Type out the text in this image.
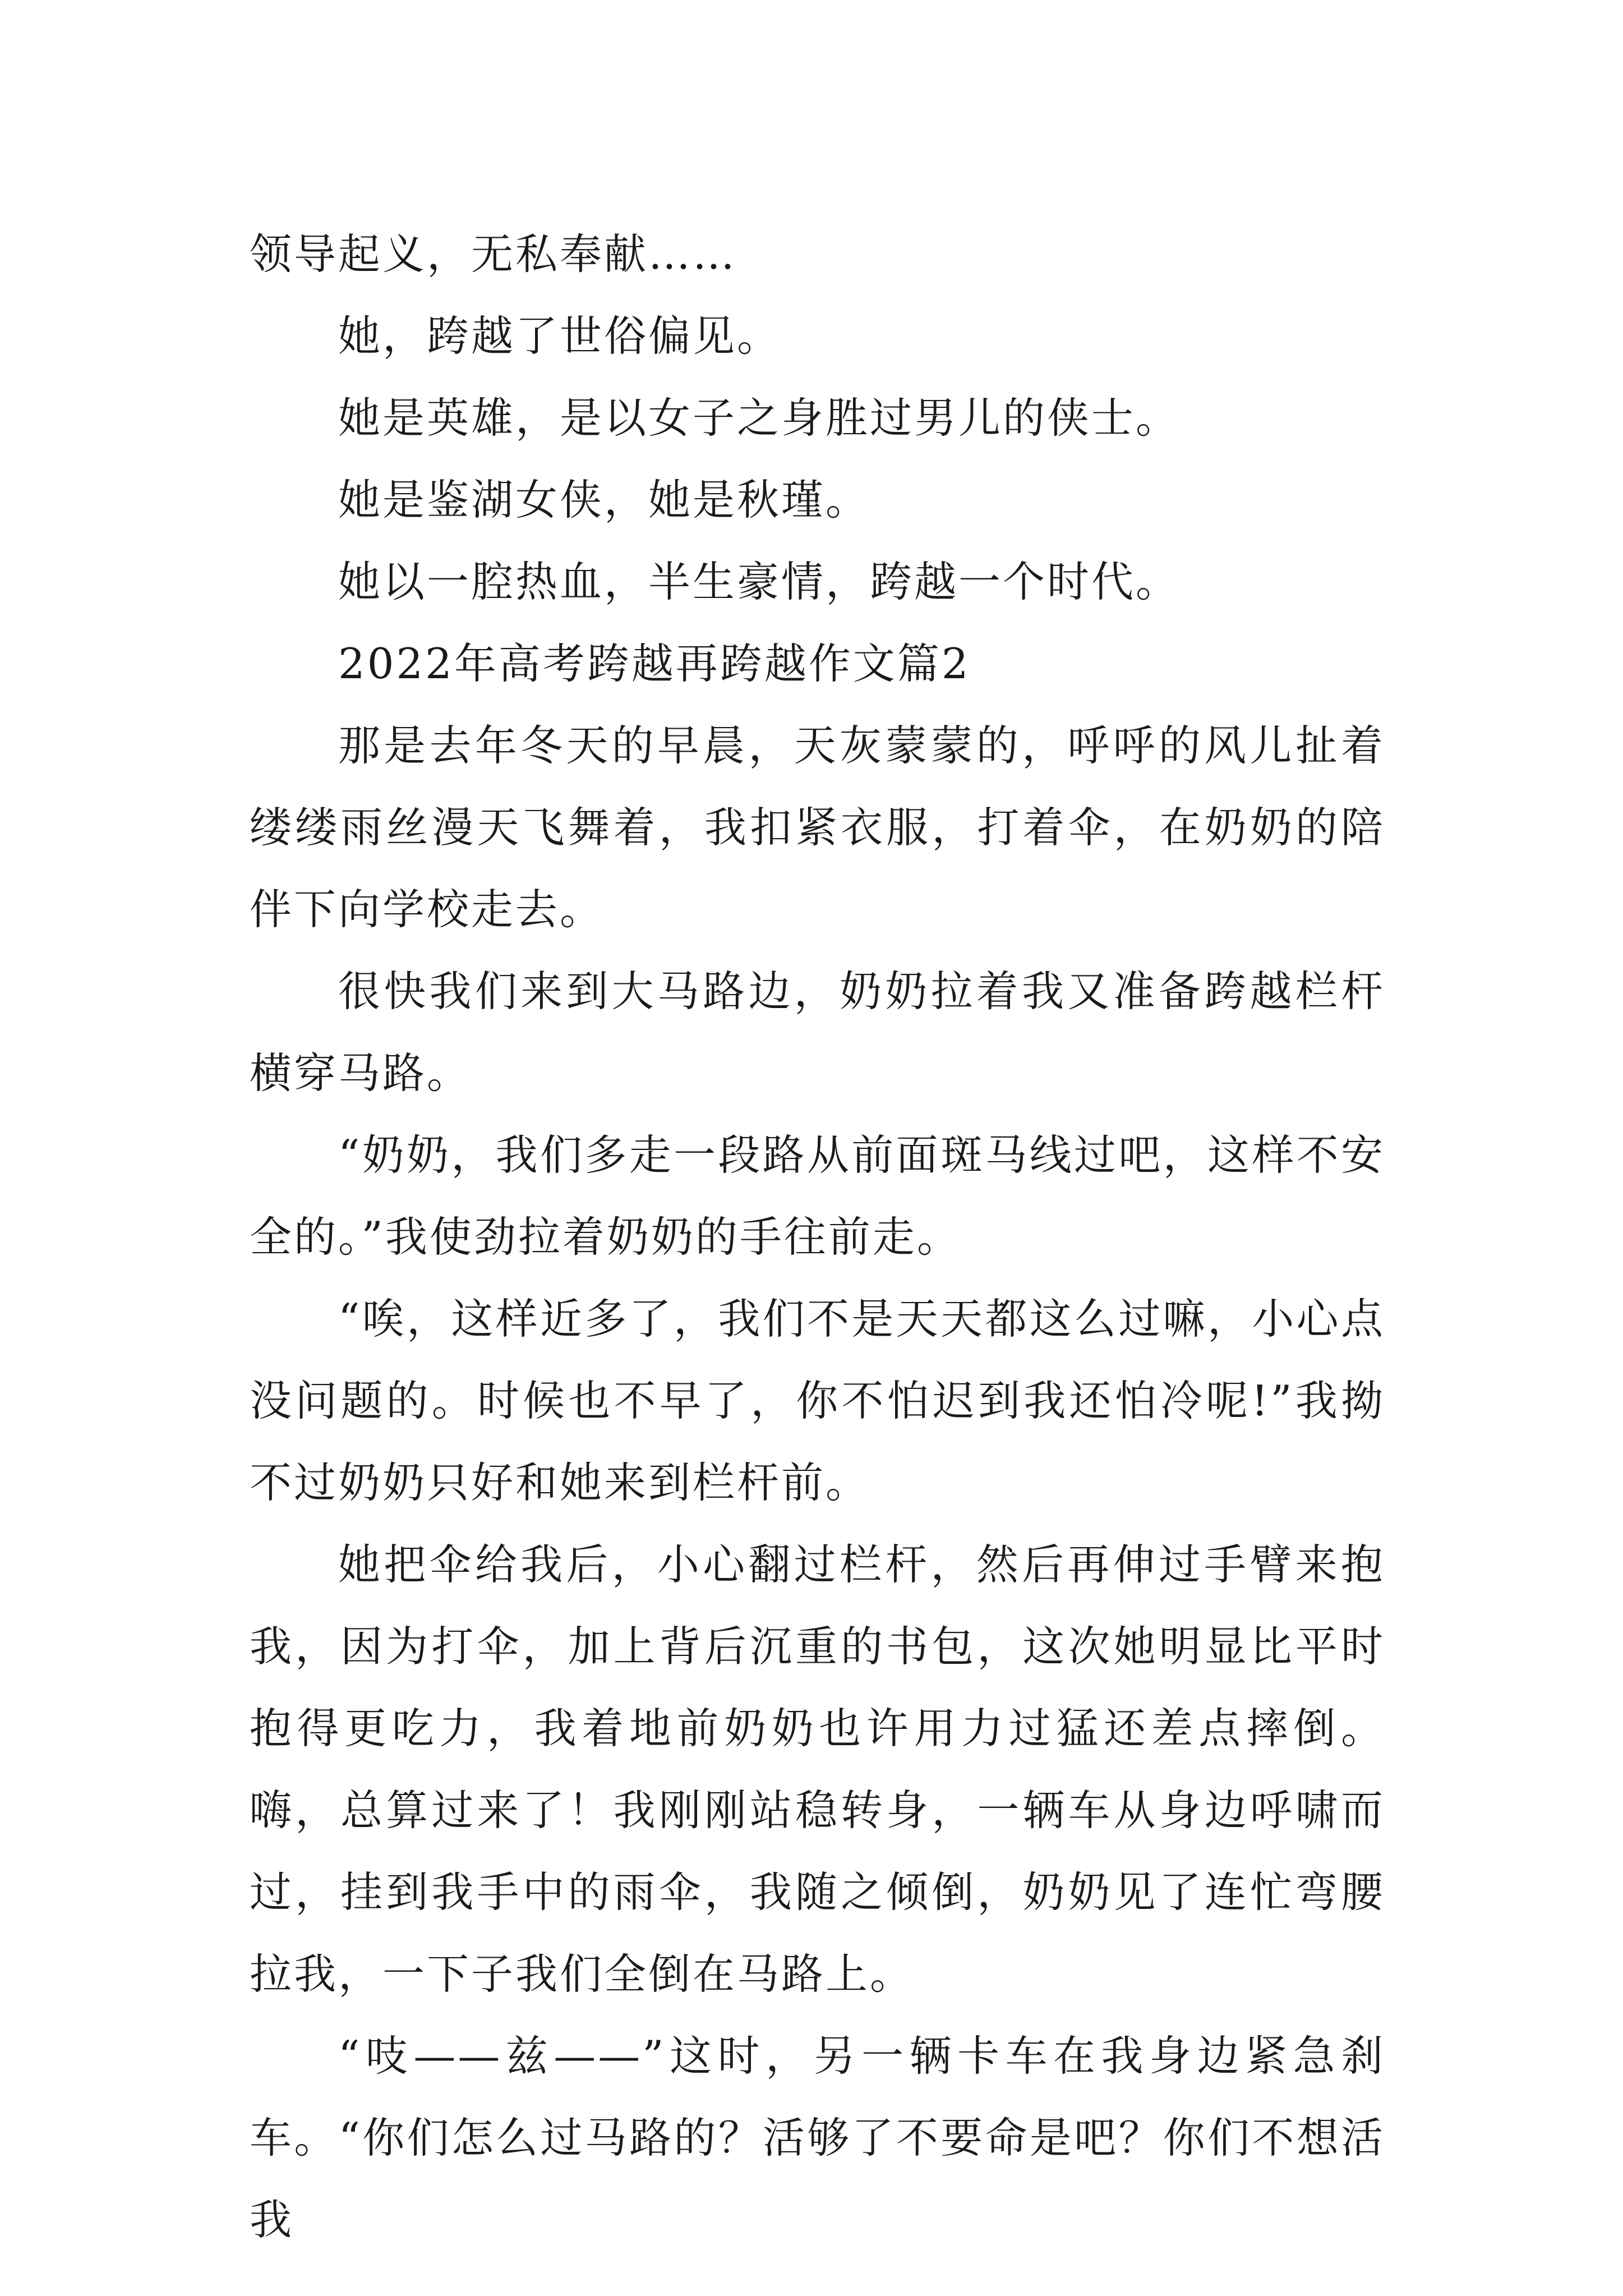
领导起义，无私奉献……

她，跨越了世俗偏见。

她是英雄，是以女子之身胜过男儿的侠士。

她是鉴湖女侠，她是秋瑾。

她以一腔热血，半生豪情，跨越一个时代。

2022年高考跨越再跨越作文篇2

那是去年冬天的早晨，天灰蒙蒙的，呼呼的风儿扯着缕缕雨丝漫天飞舞着，我扣紧衣服，打着伞，在奶奶的陪伴下向学校走去。

很快我们来到大马路边，奶奶拉着我又准备跨越栏杆横穿马路。

“奶奶，我们多走一段路从前面斑马线过吧，这样不安全的。”我使劲拉着奶奶的手往前走。

“唉，这样近多了，我们不是天天都这么过嘛，小心点没问题的。时候也不早了，你不怕迟到我还怕冷呢!”我拗不过奶奶只好和她来到栏杆前。

她把伞给我后，小心翻过栏杆，然后再伸过手臂来抱我，因为打伞，加上背后沉重的书包，这次她明显比平时抱得更吃力，我着地前奶奶也许用力过猛还差点摔倒。嗨，总算过来了！我刚刚站稳转身，一辆车从身边呼啸而过，挂到我手中的雨伞，我随之倾倒，奶奶见了连忙弯腰拉我，一下子我们全倒在马路上。

“吱——兹——”这时，另一辆卡车在我身边紧急刹车。“你们怎么过马路的？活够了不要命是吧？你们不想活我
